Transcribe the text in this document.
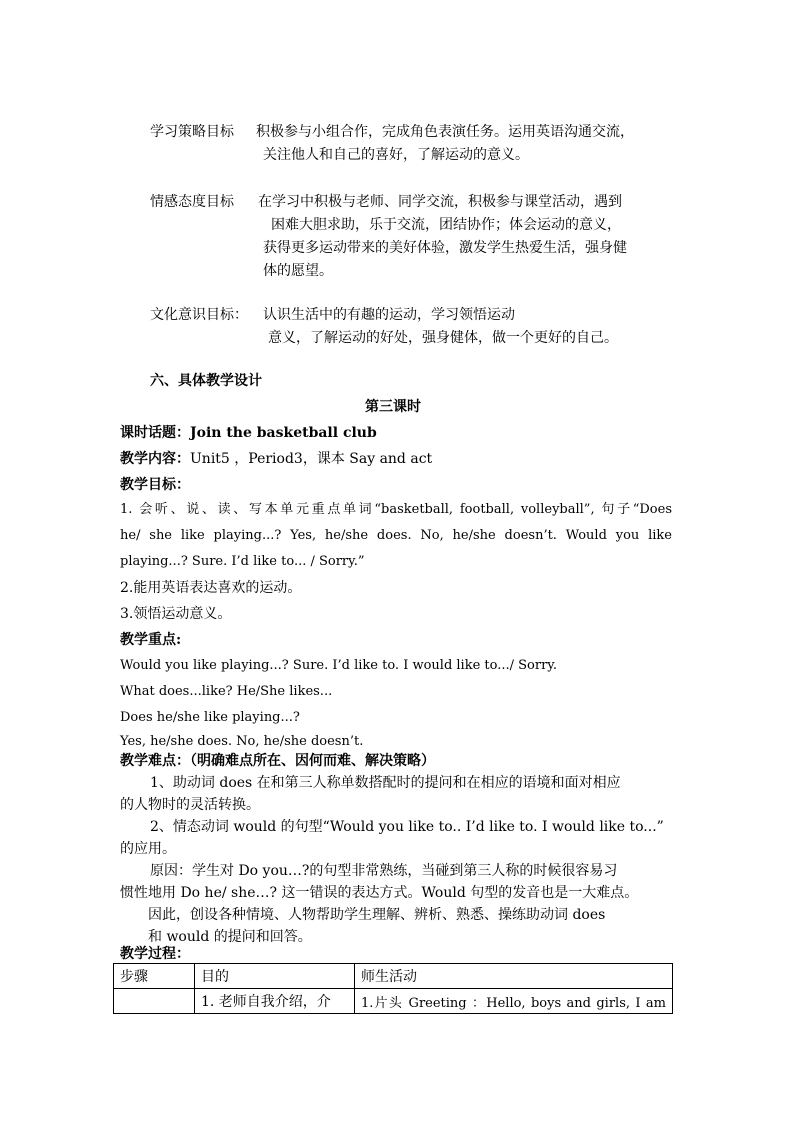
学习策略目标 积极参与小组合作，完成角色表演任务。运用英语沟通交流，
关注他人和自己的喜好，了解运动的意义。
情感态度目标 在学习中积极与老师、同学交流，积极参与课堂活动，遇到
困难大胆求助，乐于交流，团结协作；体会运动的意义，
获得更多运动带来的美好体验，激发学生热爱生活，强身健
体的愿望。
文化意识目标： 认识生活中的有趣的运动，学习领悟运动
意义，了解运动的好处，强身健体，做一个更好的自己。
六、具体教学设计
第三课时
课时话题：Join the basketball club
教学内容：Unit5 ，Period3，课本 Say and act
教学目标：
1. 会听、说、读、写本单元重点单词“basketball, football, volleyball”, 句子“Does
he/ she like playing...? Yes, he/she does. No, he/she doesn’t. Would you like
playing...? Sure. I’d like to... / Sorry.”
2.能用英语表达喜欢的运动。
3.领悟运动意义。
教学重点:
Would you like playing...? Sure. I’d like to. I would like to.../ Sorry.
What does...like? He/She likes...
Does he/she like playing...?
Yes, he/she does. No, he/she doesn’t.
教学难点：（明确难点所在、因何而难、解决策略）
1、助动词 does 在和第三人称单数搭配时的提问和在相应的语境和面对相应
的人物时的灵活转换。
2、情态动词 would 的句型“Would you like to.. I’d like to. I would like to...”
的应用。
原因：学生对 Do you…?的句型非常熟练，当碰到第三人称的时候很容易习
惯性地用 Do he/ she…? 这一错误的表达方式。Would 句型的发音也是一大难点。
因此，创设各种情境、人物帮助学生理解、辨析、熟悉、操练助动词 does
和 would 的提问和回答。
教学过程：
步骤	目的	师生活动
	1. 老师自我介绍，介	1.片头 Greeting ：Hello, boys and girls, I am
